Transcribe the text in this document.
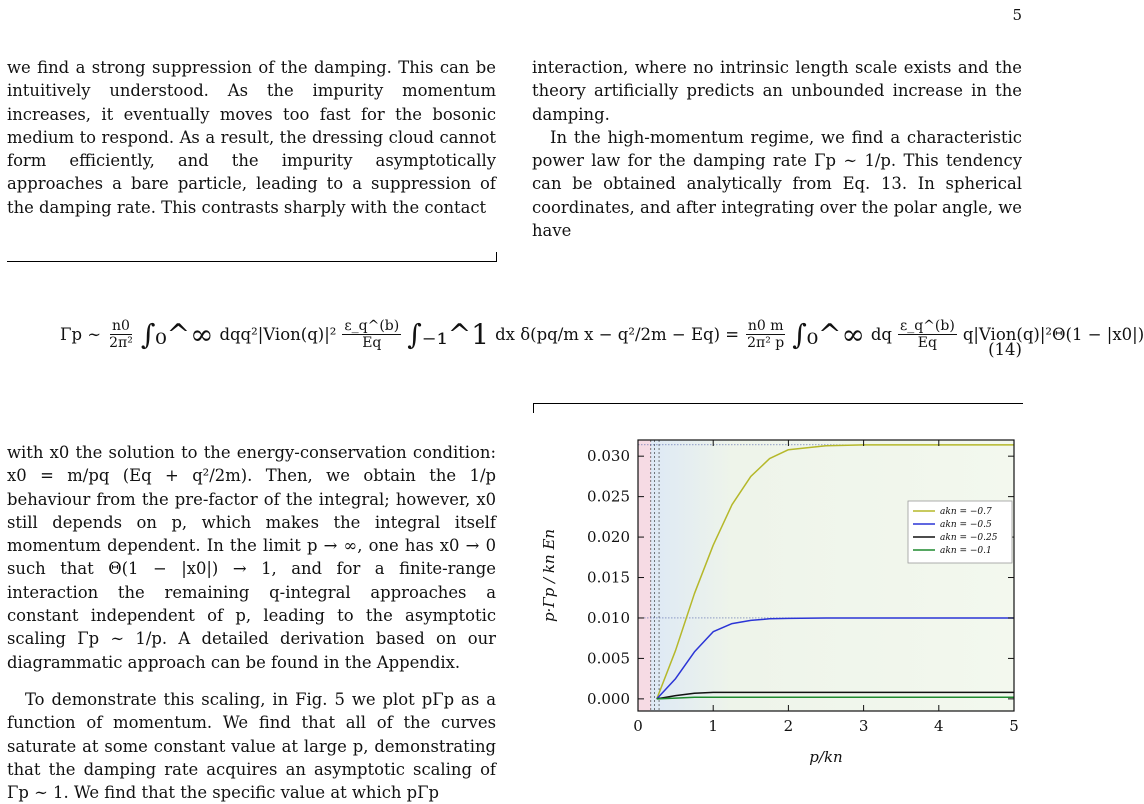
5

we find a strong suppression of the damping. This can be intuitively understood. As the impurity momentum increases, it eventually moves too fast for the bosonic medium to respond. As a result, the dressing cloud cannot form efficiently, and the impurity asymptotically approaches a bare particle, leading to a suppression of the damping rate. This contrasts sharply with the contact

interaction, where no intrinsic length scale exists and the theory artificially predicts an unbounded increase in the damping.

In the high-momentum regime, we find a characteristic power law for the damping rate Γp ∼ 1/p. This tendency can be obtained analytically from Eq. 13. In spherical coordinates, and after integrating over the polar angle, we have

Γp ∼ $\frac{n0}{\text{2π²}}$ ∫₀^∞ dqq²|Vion(q)|² $\frac{\varepsilon\_q\^{}(b)}{Eq}$ ∫₋₁^1 dx δ(pq/m $x - q^2/2m - Eq) = \frac{n0 m}{\text{2π² p}}$ ∫₀^∞ dq $\frac{\varepsilon\_q\^{}(b)}{Eq}$ q|Vion(q)|²Θ(1 − |x0|)
(14)

with x0 the solution to the energy-conservation condition: x0 = m/pq (Eq + q²/2m). Then, we obtain the 1/p behaviour from the pre-factor of the integral; however, x0 still depends on p, which makes the integral itself momentum dependent. In the limit p → ∞, one has x0 → 0 such that Θ(1 − |x0|) → 1, and for a finite-range interaction the remaining q-integral approaches a constant independent of p, leading to the asymptotic scaling Γp ∼ 1/p. A detailed derivation based on our diagrammatic approach can be found in the Appendix.

To demonstrate this scaling, in Fig. 5 we plot pΓp as a function of momentum. We find that all of the curves saturate at some constant value at large p, demonstrating that the damping rate acquires an asymptotic scaling of Γp ∼ 1. We find that the specific value at which pΓp

0	1	2	3	4	5
0.000
0.005
0.010
0.015
0.020
0.025
0.030
akn = −0.7
akn = −0.5
akn = −0.25
akn = −0.1
p/kn
p·Γp / kn En
